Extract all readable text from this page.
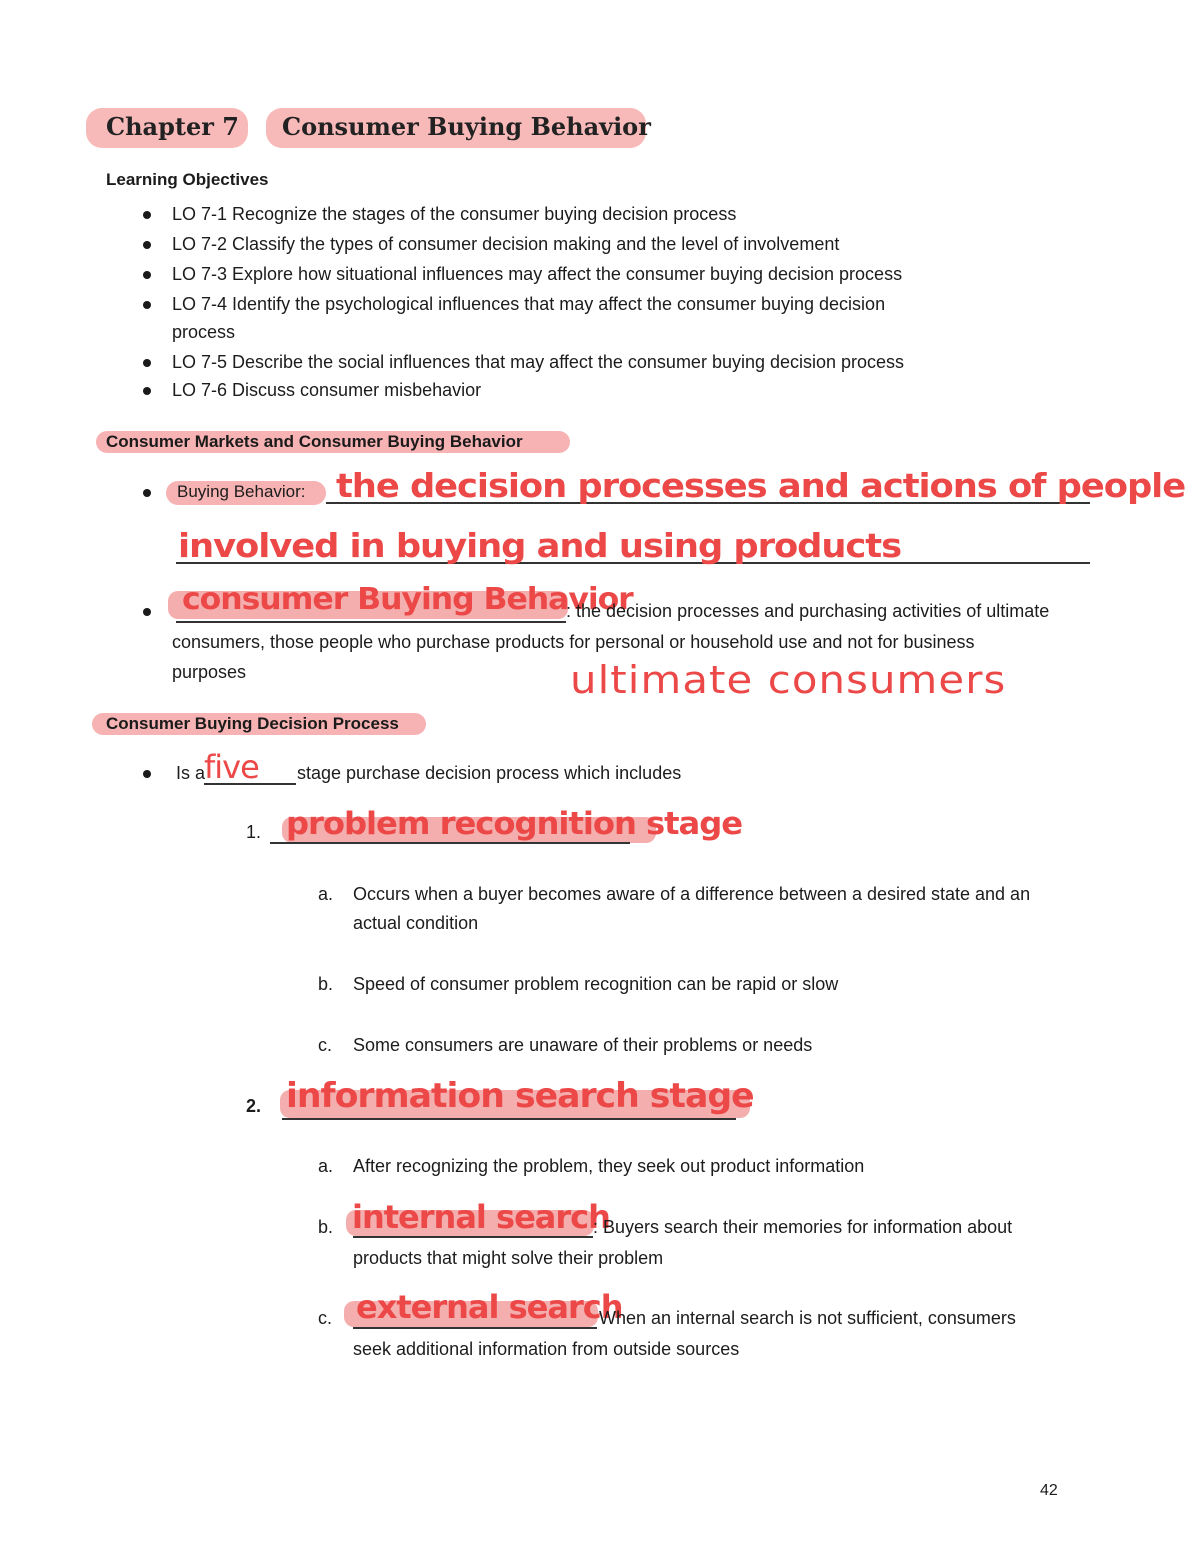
Chapter 7 Consumer Buying Behavior
Learning Objectives
LO 7-1 Recognize the stages of the consumer buying decision process
LO 7-2 Classify the types of consumer decision making and the level of involvement
LO 7-3 Explore how situational influences may affect the consumer buying decision process
LO 7-4 Identify the psychological influences that may affect the consumer buying decision
process
LO 7-5 Describe the social influences that may affect the consumer buying decision process
LO 7-6 Discuss consumer misbehavior
Consumer Markets and Consumer Buying Behavior
Buying Behavior: the decision processes and actions of people
involved in buying and using products
consumer Buying Behavior
: the decision processes and purchasing activities of ultimate
consumers, those people who purchase products for personal or household use and not for business
purposes	ultimate consumers
Consumer Buying Decision Process
Is a
five stage purchase decision process which includes
1. problem recognition stage
a. Occurs when a buyer becomes aware of a difference between a desired state and an
actual condition
b. Speed of consumer problem recognition can be rapid or slow
c. Some consumers are unaware of their problems or needs
2. information search stage
a. After recognizing the problem, they seek out product information
b. internal search
: Buyers search their memories for information about
products that might solve their problem
c. external search
When an internal search is not sufficient, consumers
seek additional information from outside sources
42
